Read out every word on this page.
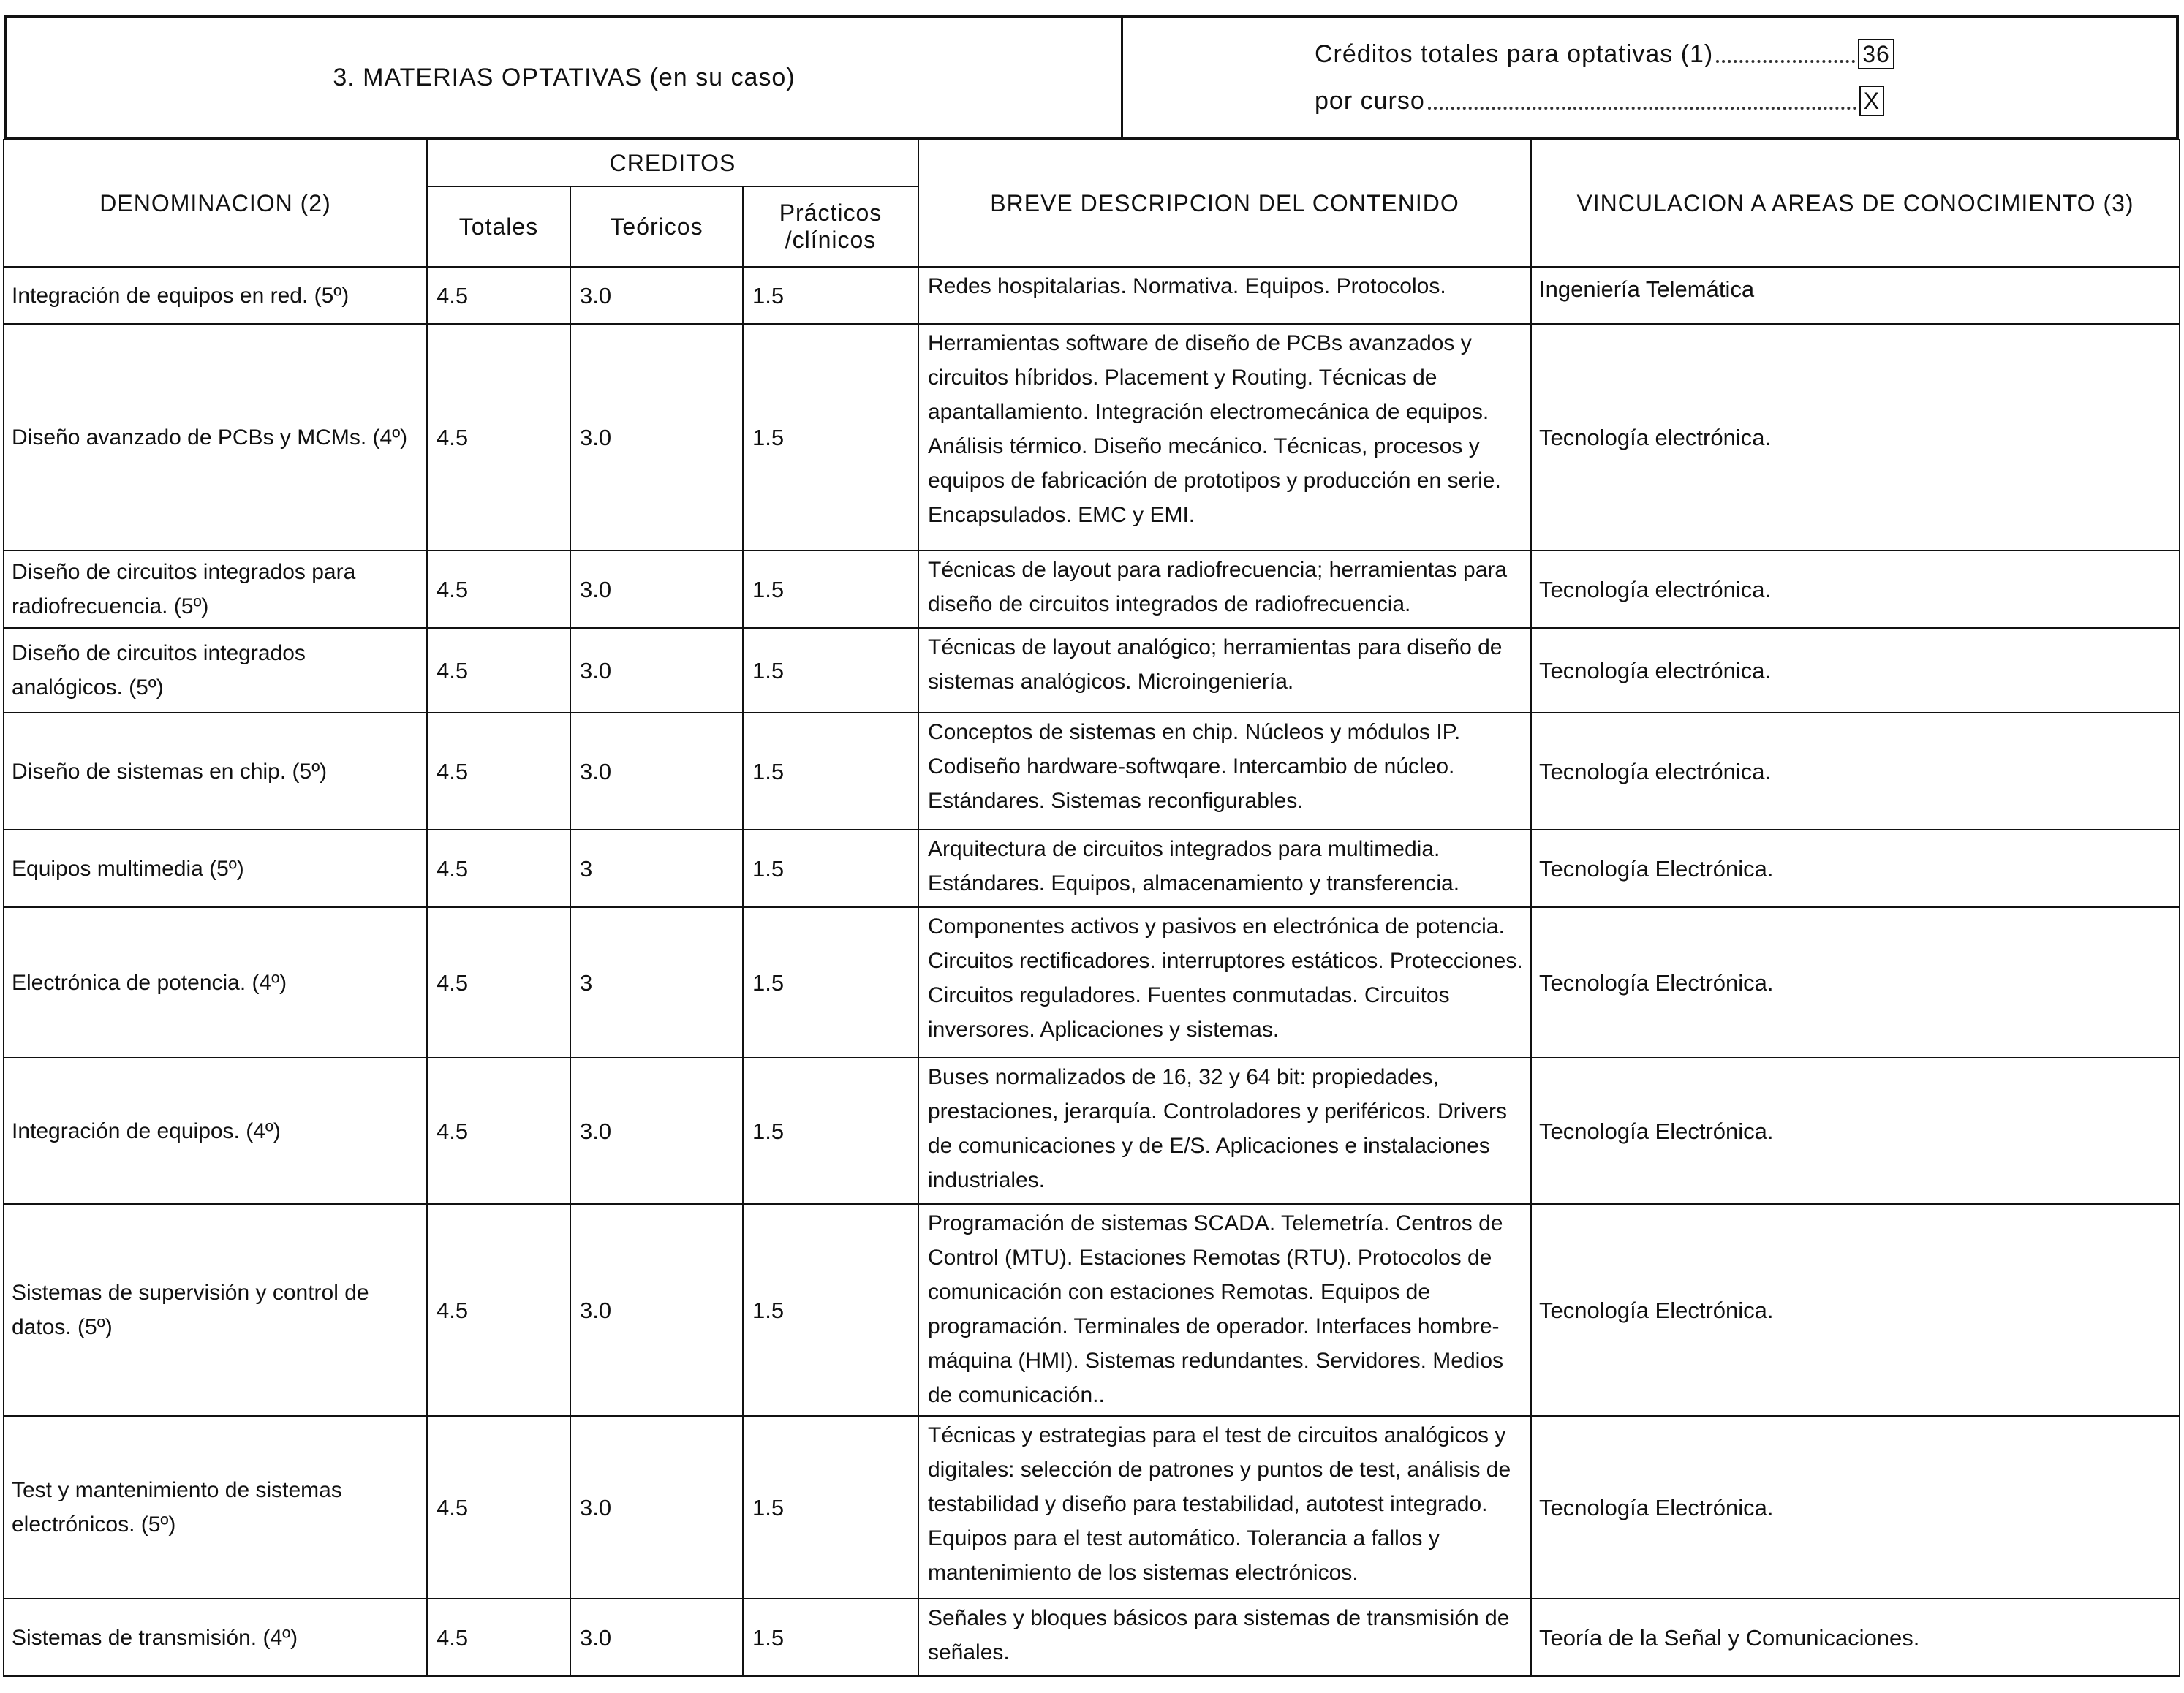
3. MATERIAS OPTATIVAS (en su caso)
Créditos totales para optativas (1)	36
por curso	X
DENOMINACION (2)	CREDITOS			BREVE DESCRIPCION DEL CONTENIDO	VINCULACION A AREAS DE CONOCIMIENTO (3)
	Totales	Teóricos	Prácticos
/clínicos		

Integración de equipos en red. (5º)	4.5	3.0	1.5	Redes hospitalarias. Normativa. Equipos. Protocolos.	Ingeniería Telemática
Diseño avanzado de PCBs y MCMs. (4º)	4.5	3.0	1.5	Herramientas software de diseño de PCBs avanzados y circuitos híbridos. Placement y Routing. Técnicas de apantallamiento. Integración electromecánica de equipos. Análisis térmico. Diseño mecánico. Técnicas, procesos y equipos de fabricación de prototipos y producción en serie. Encapsulados. EMC y EMI.	Tecnología electrónica.
Diseño de circuitos integrados para radiofrecuencia. (5º)	4.5	3.0	1.5	Técnicas de layout para radiofrecuencia; herramientas para diseño de circuitos integrados de radiofrecuencia.	Tecnología electrónica.
Diseño de circuitos integrados analógicos. (5º)	4.5	3.0	1.5	Técnicas de layout analógico; herramientas para diseño de sistemas analógicos. Microingeniería.	Tecnología electrónica.
Diseño de sistemas en chip. (5º)	4.5	3.0	1.5	Conceptos de sistemas en chip. Núcleos y módulos IP. Codiseño hardware-softwqare. Intercambio de núcleo. Estándares. Sistemas reconfigurables.	Tecnología electrónica.
Equipos multimedia (5º)	4.5	3	1.5	Arquitectura de circuitos integrados para multimedia. Estándares. Equipos, almacenamiento y transferencia.	Tecnología Electrónica.
Electrónica de potencia. (4º)	4.5	3	1.5	Componentes activos y pasivos en electrónica de potencia. Circuitos rectificadores. interruptores estáticos. Protecciones. Circuitos reguladores. Fuentes conmutadas. Circuitos inversores. Aplicaciones y sistemas.	Tecnología Electrónica.
Integración de equipos. (4º)	4.5	3.0	1.5	Buses normalizados de 16, 32 y 64 bit: propiedades, prestaciones, jerarquía. Controladores y periféricos. Drivers de comunicaciones y de E/S. Aplicaciones e instalaciones industriales.	Tecnología Electrónica.
Sistemas de supervisión y control de datos. (5º)	4.5	3.0	1.5	Programación de sistemas SCADA. Telemetría. Centros de Control (MTU). Estaciones Remotas (RTU). Protocolos de comunicación con estaciones Remotas. Equipos de programación. Terminales de operador. Interfaces hombre-máquina (HMI). Sistemas redundantes. Servidores. Medios de comunicación..	Tecnología Electrónica.
Test y mantenimiento de sistemas electrónicos. (5º)	4.5	3.0	1.5	Técnicas y estrategias para el test de circuitos analógicos y digitales: selección de patrones y puntos de test, análisis de testabilidad y diseño para testabilidad, autotest integrado. Equipos para el test automático. Tolerancia a fallos y mantenimiento de los sistemas electrónicos.	Tecnología Electrónica.
Sistemas de transmisión. (4º)	4.5	3.0	1.5	Señales y bloques básicos para sistemas de transmisión de señales.	Teoría de la Señal y Comunicaciones.
